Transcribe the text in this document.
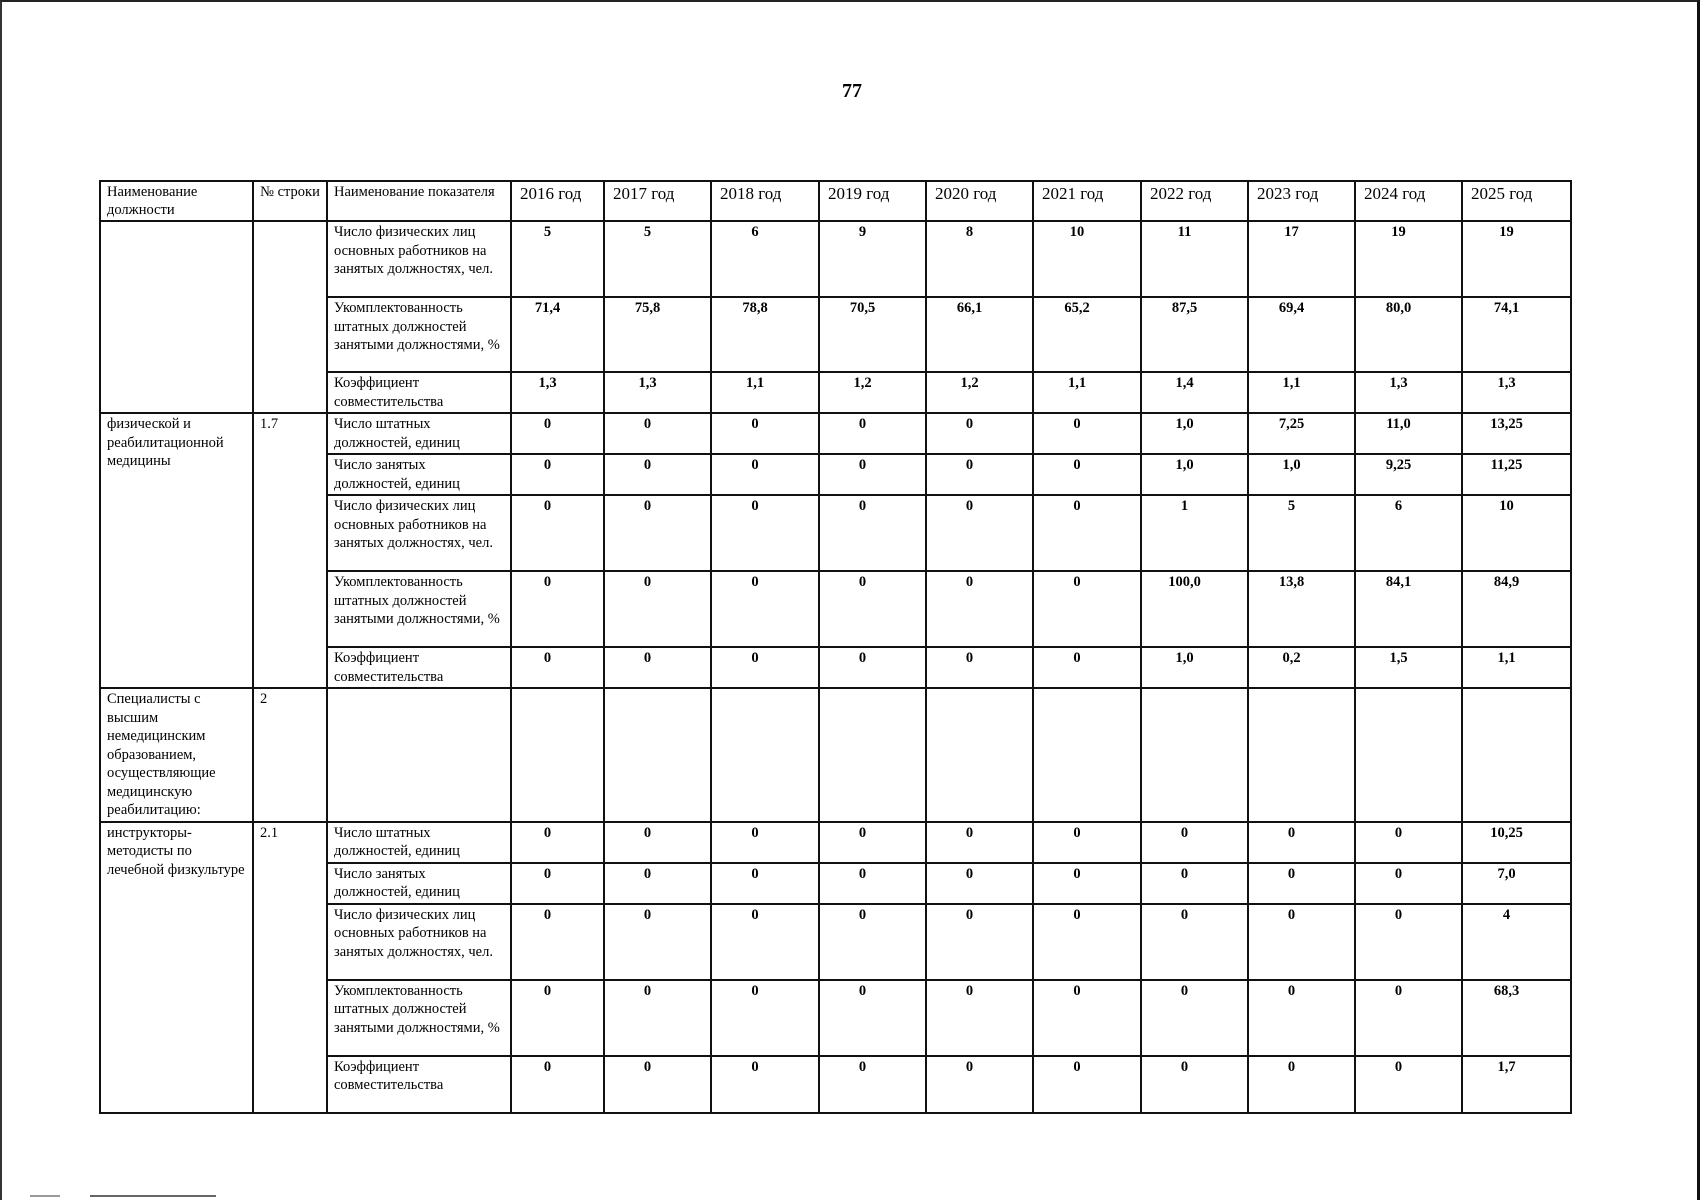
77
Наименование должности	№ строки	Наименование показателя	2016 год	2017 год	2018 год	2019 год	2020 год	2021 год	2022 год	2023 год	2024 год	2025 год
		Число физических лиц основных работников на занятых должностях, чел.	5	5	6	9	8	10	11	17	19	19
		Укомплектованность штатных должностей занятыми должностями, %	71,4	75,8	78,8	70,5	66,1	65,2	87,5	69,4	80,0	74,1
		Коэффициент совместительства	1,3	1,3	1,1	1,2	1,2	1,1	1,4	1,1	1,3	1,3
физической и реабилитационной медицины	1.7	Число штатных должностей, единиц	0	0	0	0	0	0	1,0	7,25	11,0	13,25
		Число занятых должностей, единиц	0	0	0	0	0	0	1,0	1,0	9,25	11,25
		Число физических лиц основных работников на занятых должностях, чел.	0	0	0	0	0	0	1	5	6	10
		Укомплектованность штатных должностей занятыми должностями, %	0	0	0	0	0	0	100,0	13,8	84,1	84,9
		Коэффициент совместительства	0	0	0	0	0	0	1,0	0,2	1,5	1,1
Специалисты с высшим немедицинским образованием, осуществляющие медицинскую реабилитацию:	2											
инструкторы-методисты по лечебной физкультуре	2.1	Число штатных должностей, единиц	0	0	0	0	0	0	0	0	0	10,25
		Число занятых должностей, единиц	0	0	0	0	0	0	0	0	0	7,0
		Число физических лиц основных работников на занятых должностях, чел.	0	0	0	0	0	0	0	0	0	4
		Укомплектованность штатных должностей занятыми должностями, %	0	0	0	0	0	0	0	0	0	68,3
		Коэффициент совместительства	0	0	0	0	0	0	0	0	0	1,7
